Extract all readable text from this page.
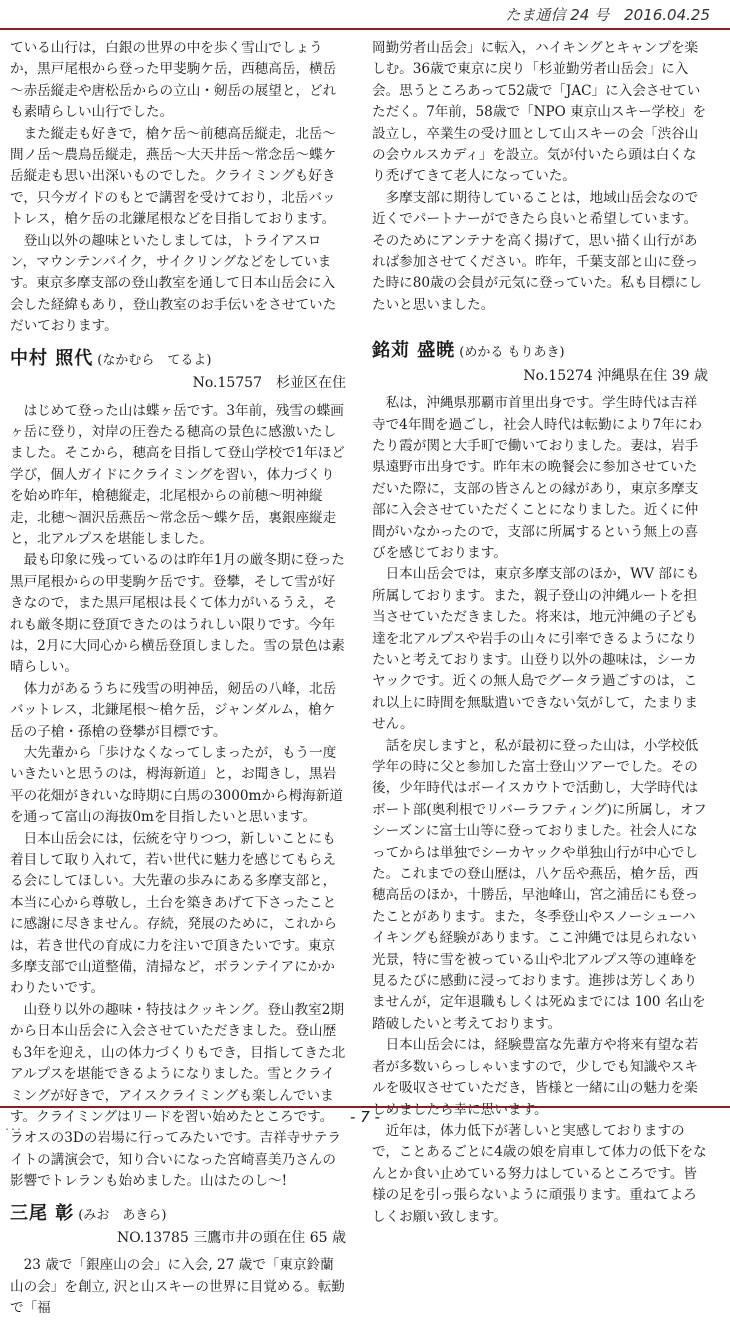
たま通信 24 号　2016.04.25

ている山行は，白銀の世界の中を歩く雪山でしょうか，黒戸尾根から登った甲斐駒ケ岳，西穂高岳，横岳～赤岳縦走や唐松岳からの立山・剱岳の展望と，どれも素晴らしい山行でした。

また縦走も好きで，槍ケ岳～前穂高岳縦走，北岳～間ノ岳～農鳥岳縦走，燕岳～大天井岳～常念岳～蝶ケ岳縦走も思い出深いものでした。クライミングも好きで，只今ガイドのもとで講習を受けており，北岳バットレス，槍ケ岳の北鎌尾根などを目指しております。

登山以外の趣味といたしましては，トライアスロン，マウンテンバイク，サイクリングなどをしています。東京多摩支部の登山教室を通して日本山岳会に入会した経緯もあり，登山教室のお手伝いをさせていただいております。

中村 照代 (なかむら　てるよ)
No.15757　杉並区在住

はじめて登った山は蝶ヶ岳です。3年前，残雪の蝶画ヶ岳に登り，対岸の圧巻たる穂高の景色に感激いたしました。そこから，穂高を目指して登山学校で1年ほど学び，個人ガイドにクライミングを習い，体力づくりを始め昨年，槍穂縦走，北尾根からの前穂～明神縦走，北穂～涸沢岳燕岳～常念岳～蝶ケ岳，裏銀座縦走と，北アルプスを堪能しました。

最も印象に残っているのは昨年1月の厳冬期に登った黒戸尾根からの甲斐駒ケ岳です。登攀，そして雪が好きなので，また黒戸尾根は長くて体力がいるうえ，それも厳冬期に登頂できたのはうれしい限りです。今年は，2月に大同心から横岳登頂しました。雪の景色は素晴らしい。

体力があるうちに残雪の明神岳，剱岳の八峰，北岳バットレス，北鎌尾根～槍ケ岳，ジャンダルム，槍ケ岳の子槍・孫槍の登攀が目標です。

大先輩から「歩けなくなってしまったが，もう一度いきたいと思うのは，栂海新道」と，お聞きし，黒岩平の花畑がきれいな時期に白馬の3000mから栂海新道を通って富山の海抜0mを目指したいと思います。

日本山岳会には，伝統を守りつつ，新しいことにも着目して取り入れて，若い世代に魅力を感じてもらえる会にしてほしい。大先輩の歩みにある多摩支部と，本当に心から尊敬し，土台を築きあげて下さったことに感謝に尽きません。存続，発展のために，これからは，若き世代の育成に力を注いで頂きたいです。東京多摩支部で山道整備，清掃など，ボランテイアにかかわりたいです。

山登り以外の趣味・特技はクッキング。登山教室2期から日本山岳会に入会させていただきました。登山歴も3年を迎え，山の体力づくりもでき，目指してきた北アルプスを堪能できるようになりました。雪とクライミングが好きで，アイスクライミングも楽しんでいます。クライミングはリードを習い始めたところです。ラオスの3Dの岩場に行ってみたいです。吉祥寺サテライトの講演会で，知り合いになった宮崎喜美乃さんの影響でトレランも始めました。山はたのし～!

三尾 彰 (みお　あきら)
NO.13785 三鷹市井の頭在住 65 歳

23 歳で「銀座山の会」に入会, 27 歳で「東京鈴蘭山の会」を創立, 沢と山スキーの世界に目覚める。転勤で「福

岡勤労者山岳会」に転入，ハイキングとキャンプを楽しむ。36歳で東京に戻り「杉並勤労者山岳会」に入会。思うところあって52歳で「JAC」に入会させていただく。7年前，58歳で「NPO 東京山スキー学校」を設立し，卒業生の受け皿として山スキーの会「渋谷山の会ウルスカディ」を設立。気が付いたら頭は白くなり禿げてきて老人になっていた。

多摩支部に期待していることは，地域山岳会なので近くでパートナーができたら良いと希望しています。そのためにアンテナを高く揚げて，思い描く山行があれば参加させてください。昨年，千葉支部と山に登った時に80歳の会員が元気に登っていた。私も目標にしたいと思いました。

銘苅 盛暁 (めかる もりあき)
No.15274 沖縄県在住 39 歳

私は，沖縄県那覇市首里出身です。学生時代は吉祥寺で4年間を過ごし，社会人時代は転勤により7年にわたり霞が関と大手町で働いておりました。妻は，岩手県遠野市出身です。昨年末の晩餐会に参加させていただいた際に，支部の皆さんとの縁があり，東京多摩支部に入会させていただくことになりました。近くに仲間がいなかったので，支部に所属するという無上の喜びを感じております。

日本山岳会では，東京多摩支部のほか，WV 部にも所属しております。また，親子登山の沖縄ルートを担当させていただきました。将来は，地元沖縄の子ども達を北アルプスや岩手の山々に引率できるようになりたいと考えております。山登り以外の趣味は，シーカヤックです。近くの無人島でグータラ過ごすのは，これ以上に時間を無駄遣いできない気がして，たまりません。

話を戻しますと，私が最初に登った山は，小学校低学年の時に父と参加した富士登山ツアーでした。その後，少年時代はボーイスカウトで活動し，大学時代はボート部(奥利根でリバーラフティング)に所属し，オフシーズンに富士山等に登っておりました。社会人になってからは単独でシーカヤックや単独山行が中心でした。これまでの登山歴は，八ケ岳や燕岳，槍ケ岳，西穂高岳のほか，十勝岳，早池峰山，宮之浦岳にも登ったことがあります。また，冬季登山やスノーシューハイキングも経験があります。ここ沖縄では見られない光景，特に雪を被っている山や北アルプス等の連峰を見るたびに感動に浸っております。進捗は芳しくありませんが，定年退職もしくは死ぬまでには 100 名山を踏破したいと考えております。

日本山岳会には，経験豊富な先輩方や将来有望な若者が多数いらっしゃいますので，少しでも知識やスキルを吸収させていただき，皆様と一緒に山の魅力を楽しめましたら幸に思います。

近年は，体力低下が著しいと実感しておりますので，ことあるごとに4歳の娘を肩車して体力の低下をなんとか食い止めている努力はしているところです。皆様の足を引っ張らないように頑張ります。重ねてよろしくお願い致します。

- 7 -
...
